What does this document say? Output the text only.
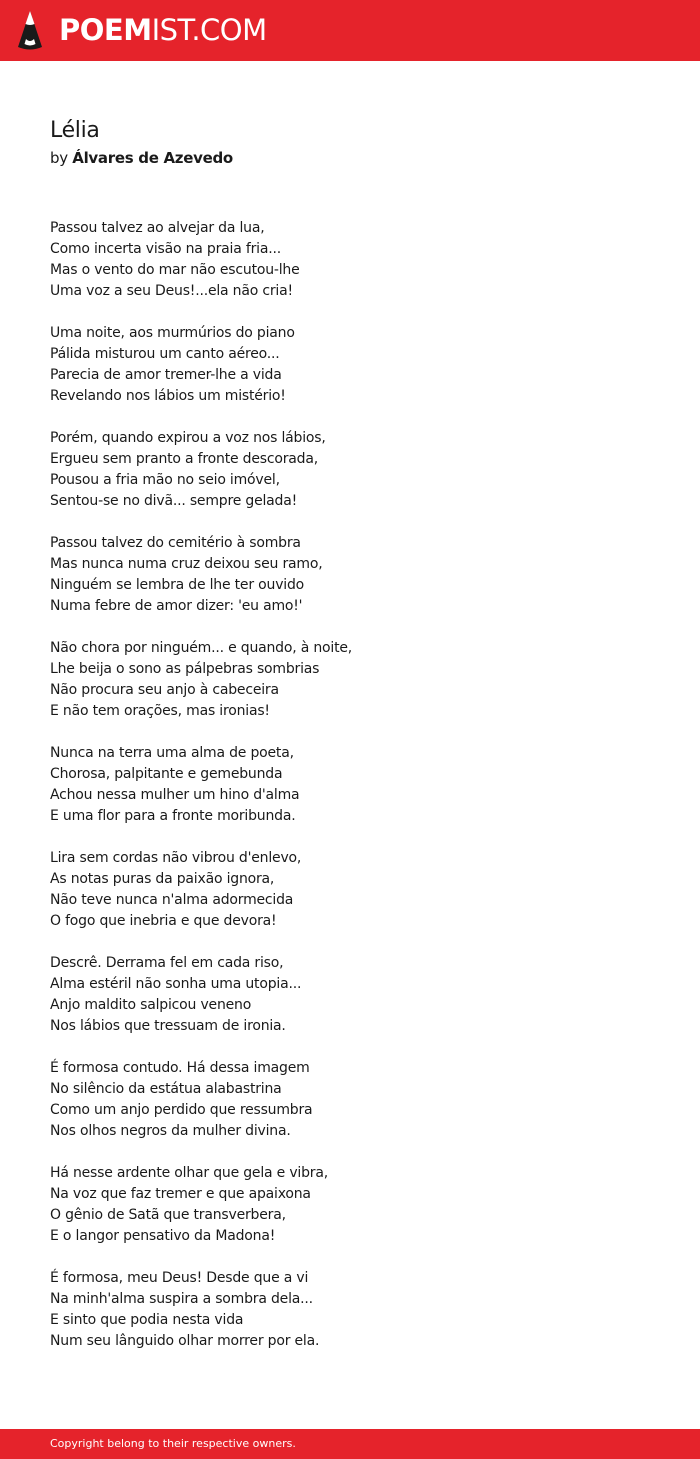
POEMIST.COM
Lélia
by Álvares de Azevedo
Passou talvez ao alvejar da lua,
Como incerta visão na praia fria...
Mas o vento do mar não escutou-lhe
Uma voz a seu Deus!...ela não cria!
Uma noite, aos murmúrios do piano
Pálida misturou um canto aéreo...
Parecia de amor tremer-lhe a vida
Revelando nos lábios um mistério!
Porém, quando expirou a voz nos lábios,
Ergueu sem pranto a fronte descorada,
Pousou a fria mão no seio imóvel,
Sentou-se no divã... sempre gelada!
Passou talvez do cemitério à sombra
Mas nunca numa cruz deixou seu ramo,
Ninguém se lembra de lhe ter ouvido
Numa febre de amor dizer: 'eu amo!'
Não chora por ninguém... e quando, à noite,
Lhe beija o sono as pálpebras sombrias
Não procura seu anjo à cabeceira
E não tem orações, mas ironias!
Nunca na terra uma alma de poeta,
Chorosa, palpitante e gemebunda
Achou nessa mulher um hino d'alma
E uma flor para a fronte moribunda.
Lira sem cordas não vibrou d'enlevo,
As notas puras da paixão ignora,
Não teve nunca n'alma adormecida
O fogo que inebria e que devora!
Descrê. Derrama fel em cada riso,
Alma estéril não sonha uma utopia...
Anjo maldito salpicou veneno
Nos lábios que tressuam de ironia.
É formosa contudo. Há dessa imagem
No silêncio da estátua alabastrina
Como um anjo perdido que ressumbra
Nos olhos negros da mulher divina.
Há nesse ardente olhar que gela e vibra,
Na voz que faz tremer e que apaixona
O gênio de Satã que transverbera,
E o langor pensativo da Madona!
É formosa, meu Deus! Desde que a vi
Na minh'alma suspira a sombra dela...
E sinto que podia nesta vida
Num seu lânguido olhar morrer por ela.
Copyright belong to their respective owners.
